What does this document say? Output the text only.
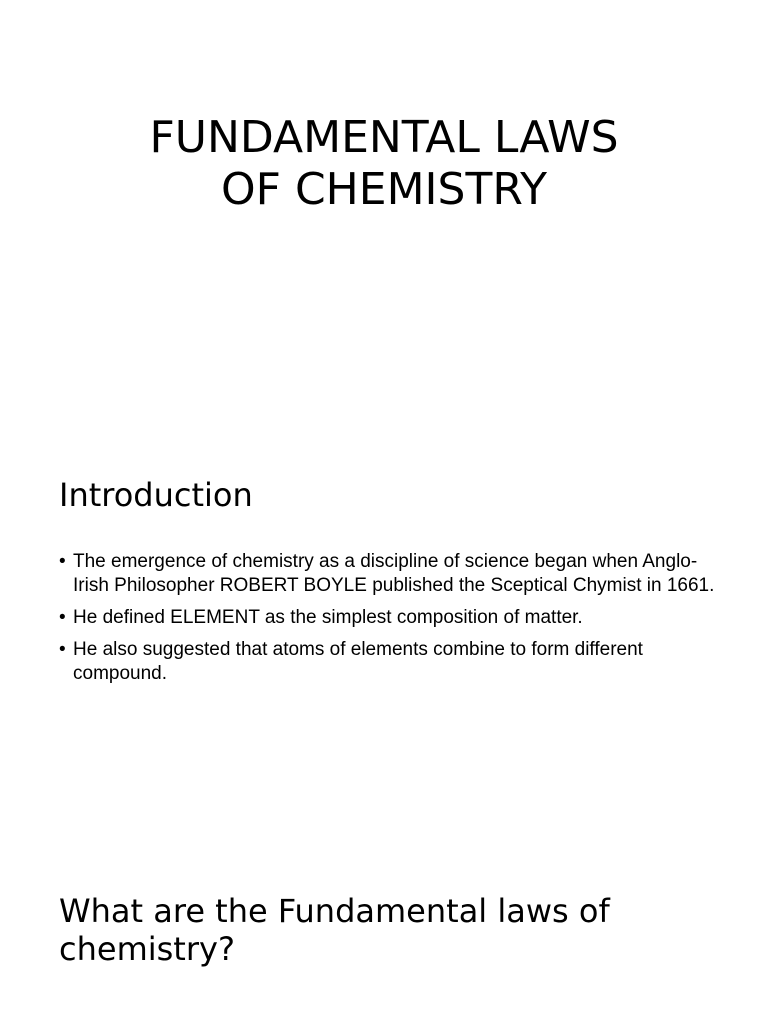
FUNDAMENTAL LAWS
OF CHEMISTRY
Introduction
• The emergence of chemistry as a discipline of science began when Anglo-Irish Philosopher ROBERT BOYLE published the Sceptical Chymist in 1661.
• He defined ELEMENT as the simplest composition of matter.
• He also suggested that atoms of elements combine to form different compound.
What are the Fundamental laws of
chemistry?
